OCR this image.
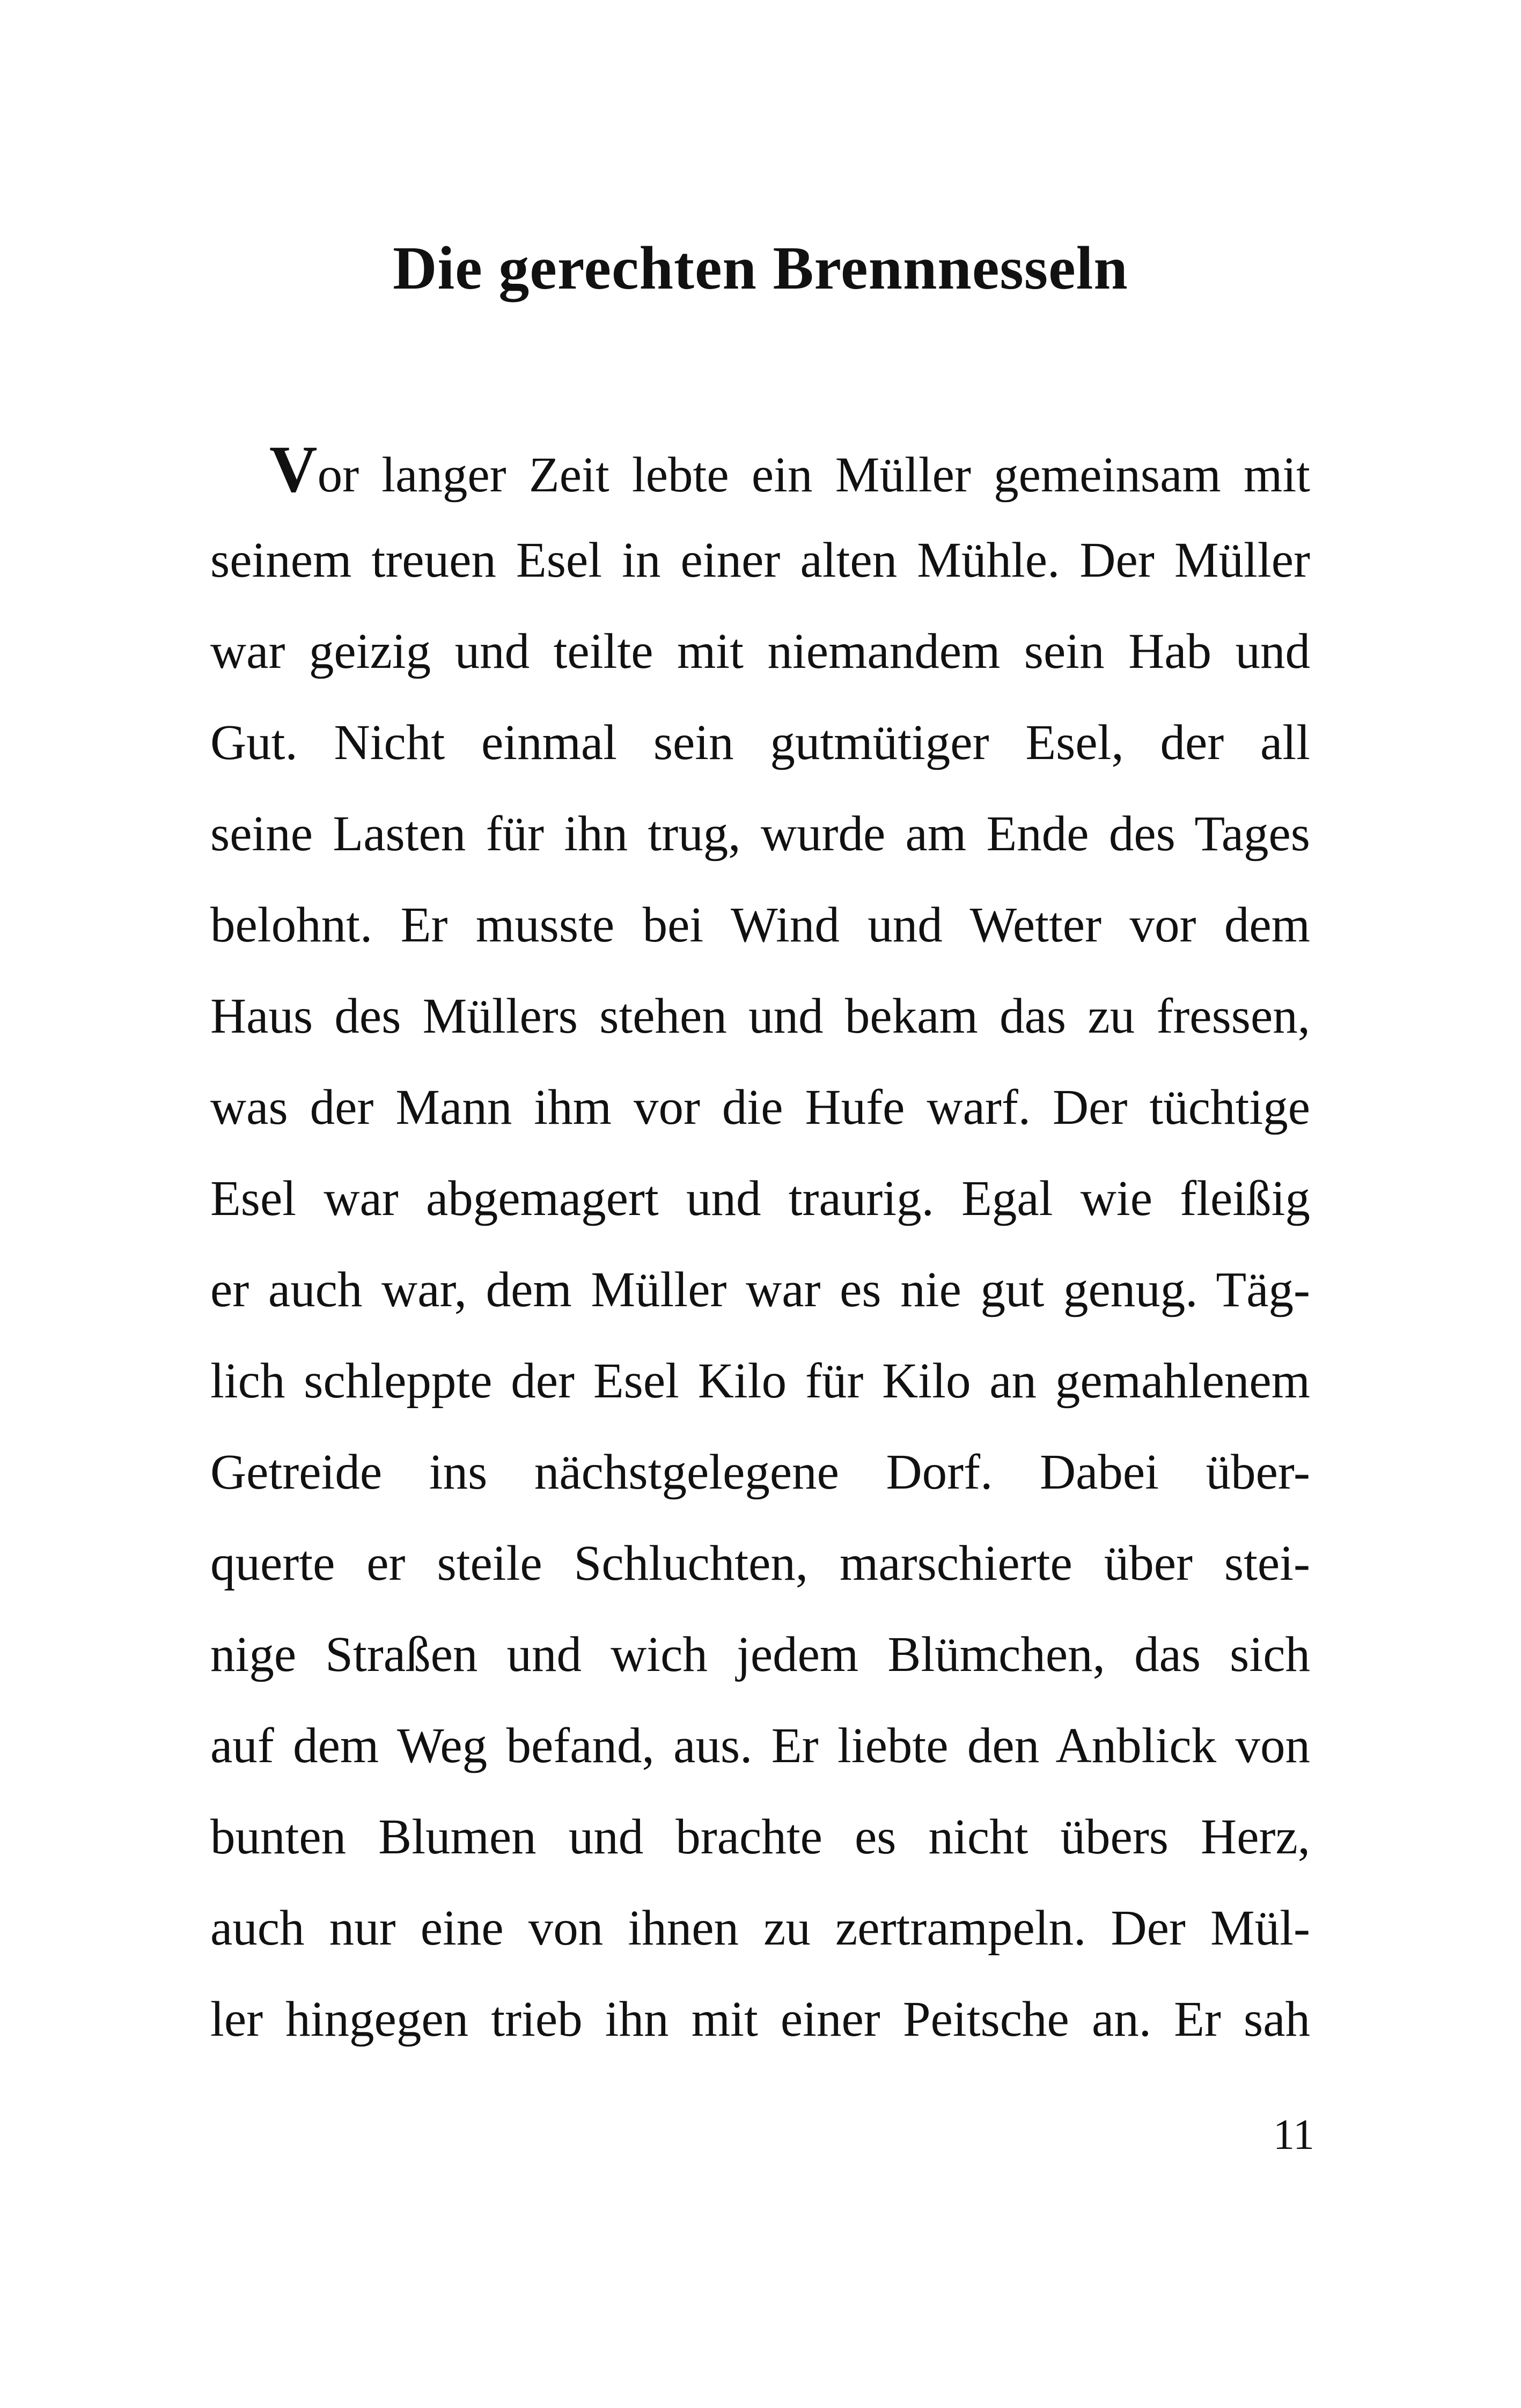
Die gerechten Brennnesseln
Vor langer Zeit lebte ein Müller gemeinsam mit
seinem treuen Esel in einer alten Mühle. Der Müller
war geizig und teilte mit niemandem sein Hab und
Gut. Nicht einmal sein gutmütiger Esel, der all
seine Lasten für ihn trug, wurde am Ende des Tages
belohnt. Er musste bei Wind und Wetter vor dem
Haus des Müllers stehen und bekam das zu fressen,
was der Mann ihm vor die Hufe warf. Der tüchtige
Esel war abgemagert und traurig. Egal wie fleißig
er auch war, dem Müller war es nie gut genug. Täg-
lich schleppte der Esel Kilo für Kilo an gemahlenem
Getreide ins nächstgelegene Dorf. Dabei über-
querte er steile Schluchten, marschierte über stei-
nige Straßen und wich jedem Blümchen, das sich
auf dem Weg befand, aus. Er liebte den Anblick von
bunten Blumen und brachte es nicht übers Herz,
auch nur eine von ihnen zu zertrampeln. Der Mül-
ler hingegen trieb ihn mit einer Peitsche an. Er sah
11
